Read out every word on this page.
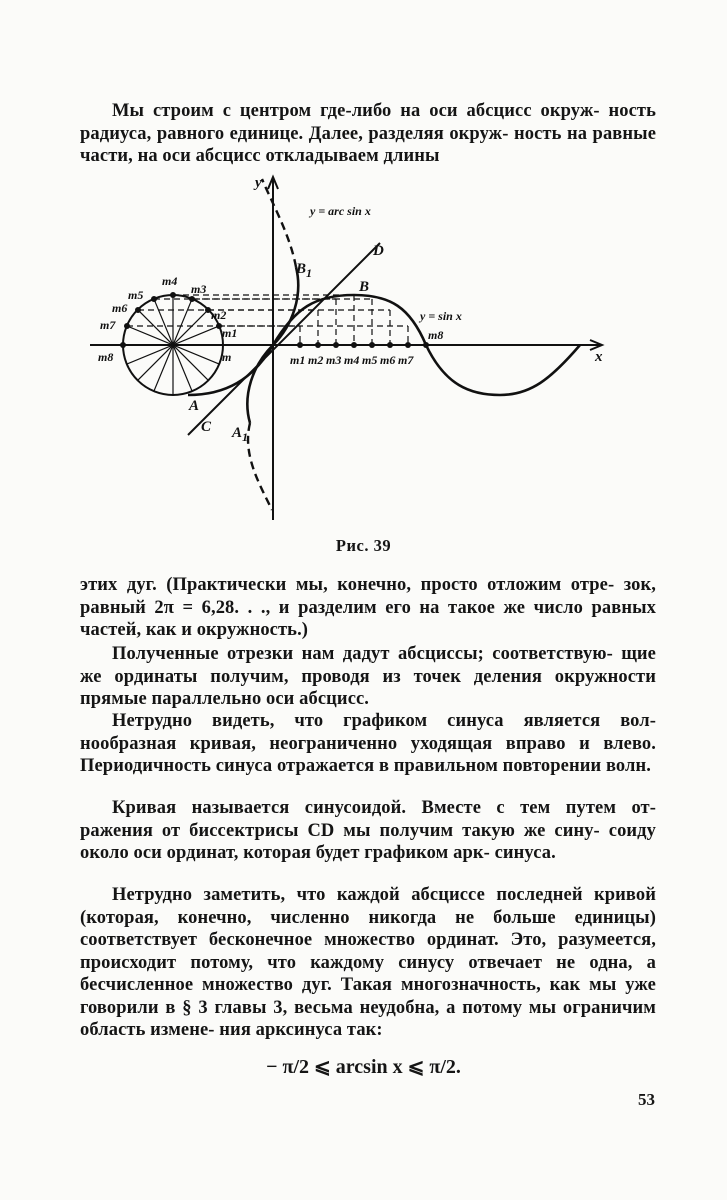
Мы строим с центром где-либо на оси абсцисс окруж- ность радиуса, равного единице. Далее, разделяя окруж- ность на равные части, на оси абсцисс откладываем длины
y
x
y = arc sin x
y = sin x
B
$B_1$
A
$A_1$
C
D
m
m1
m2
m3
m4
m5
m6
m7
m8	m1 m2 m3 m4 m5 m6 m7
m8
Рис. 39
этих дуг. (Практически мы, конечно, просто отложим отре- зок, равный 2π = 6,28. . ., и разделим его на такое же число равных частей, как и окружность.)
Полученные отрезки нам дадут абсциссы; соответствую- щие же ординаты получим, проводя из точек деления окружности прямые параллельно оси абсцисс.
Нетрудно видеть, что графиком синуса является вол- нообразная кривая, неограниченно уходящая вправо и влево. Периодичность синуса отражается в правильном повторении волн.
Кривая называется синусоидой. Вместе с тем путем от- ражения от биссектрисы CD мы получим такую же сину- соиду около оси ординат, которая будет графиком арк- синуса.
Нетрудно заметить, что каждой абсциссе последней кривой (которая, конечно, численно никогда не больше единицы) соответствует бесконечное множество ординат. Это, разумеется, происходит потому, что каждому синусу отвечает не одна, а бесчисленное множество дуг. Такая многозначность, как мы уже говорили в § 3 главы 3, весьма неудобна, а потому мы ограничим область измене- ния арксинуса так:
− π/2 ⩽ arcsin x ⩽ π/2.
53
